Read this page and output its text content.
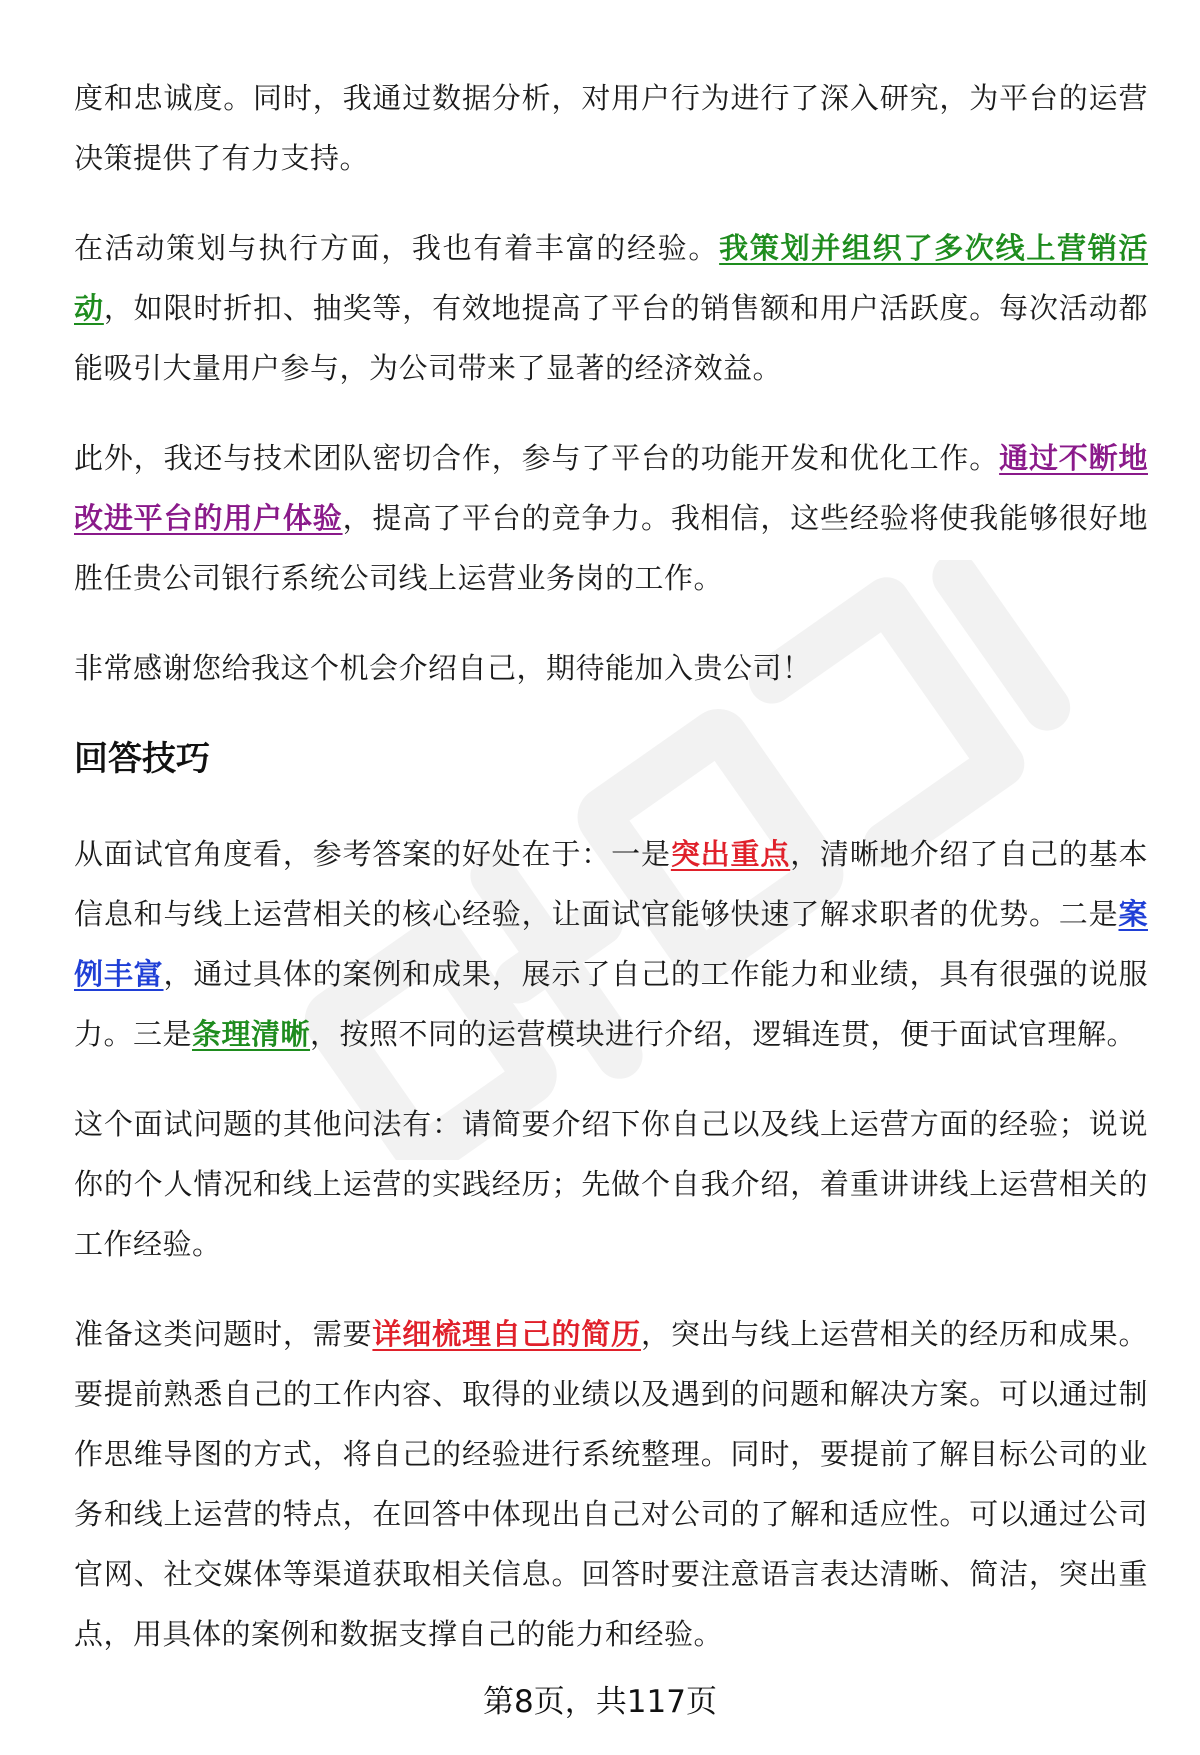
度和忠诚度。同时，我通过数据分析，对用户行为进行了深入研究，为平台的运营决策提供了有力支持。

在活动策划与执行方面，我也有着丰富的经验。我策划并组织了多次线上营销活动，如限时折扣、抽奖等，有效地提高了平台的销售额和用户活跃度。每次活动都能吸引大量用户参与，为公司带来了显著的经济效益。

此外，我还与技术团队密切合作，参与了平台的功能开发和优化工作。通过不断地改进平台的用户体验，提高了平台的竞争力。我相信，这些经验将使我能够很好地胜任贵公司银行系统公司线上运营业务岗的工作。

非常感谢您给我这个机会介绍自己，期待能加入贵公司！

回答技巧

从面试官角度看，参考答案的好处在于：一是突出重点，清晰地介绍了自己的基本信息和与线上运营相关的核心经验，让面试官能够快速了解求职者的优势。二是案例丰富，通过具体的案例和成果，展示了自己的工作能力和业绩，具有很强的说服力。三是条理清晰，按照不同的运营模块进行介绍，逻辑连贯，便于面试官理解。

这个面试问题的其他问法有：请简要介绍下你自己以及线上运营方面的经验；说说你的个人情况和线上运营的实践经历；先做个自我介绍，着重讲讲线上运营相关的工作经验。

准备这类问题时，需要详细梳理自己的简历，突出与线上运营相关的经历和成果。要提前熟悉自己的工作内容、取得的业绩以及遇到的问题和解决方案。可以通过制作思维导图的方式，将自己的经验进行系统整理。同时，要提前了解目标公司的业务和线上运营的特点，在回答中体现出自己对公司的了解和适应性。可以通过公司官网、社交媒体等渠道获取相关信息。回答时要注意语言表达清晰、简洁，突出重点，用具体的案例和数据支撑自己的能力和经验。

第8页，共117页
